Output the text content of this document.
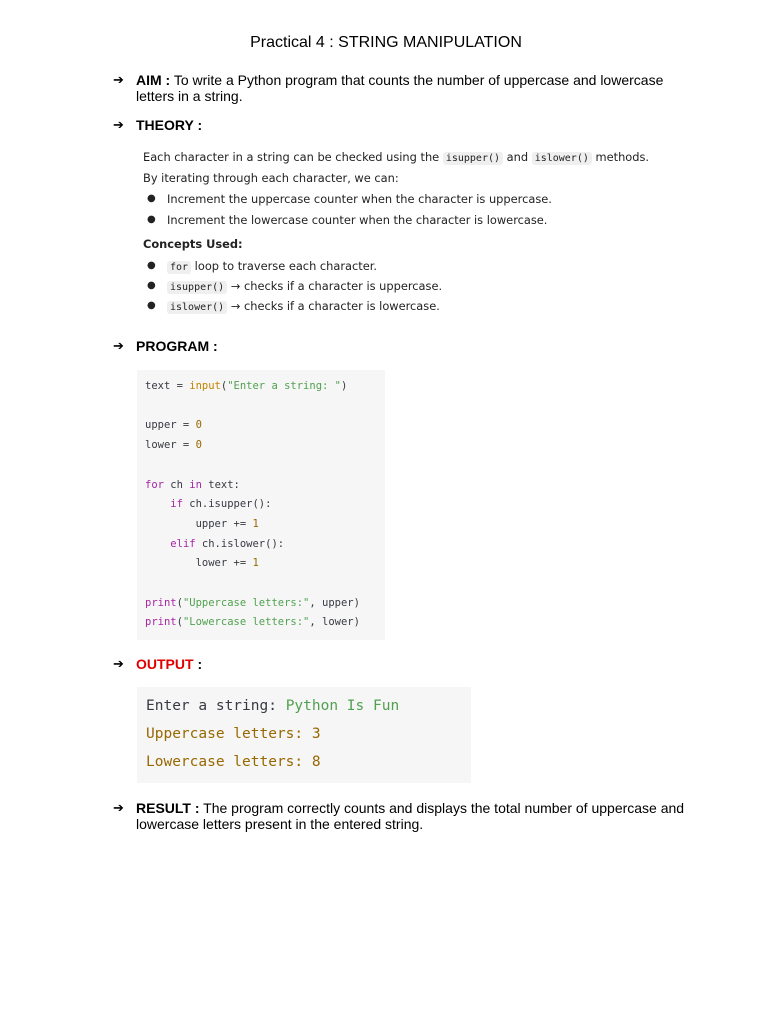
Practical 4 : STRING MANIPULATION
➔ AIM : To write a Python program that counts the number of uppercase and lowercase
letters in a string.
➔ THEORY :
Each character in a string can be checked using the isupper() and islower() methods.
By iterating through each character, we can:
● Increment the uppercase counter when the character is uppercase.
● Increment the lowercase counter when the character is lowercase.
Concepts Used:
●	for loop to traverse each character.
●	isupper() → checks if a character is uppercase.
●	islower() → checks if a character is lowercase.
➔ PROGRAM :
text = input("Enter a string: ")

upper = 0
lower = 0

for ch in text:
if ch.isupper():
upper += 1
elif ch.islower():
lower += 1

print("Uppercase letters:", upper)
print("Lowercase letters:", lower)
➔ OUTPUT :
Enter a string: Python Is Fun
Uppercase letters: 3
Lowercase letters: 8
➔ RESULT : The program correctly counts and displays the total number of uppercase and
lowercase letters present in the entered string.
